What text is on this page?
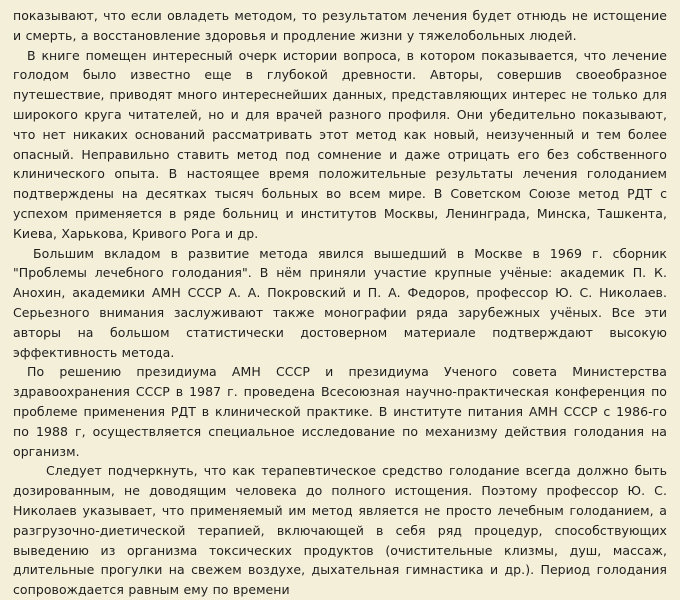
показывают, что если овладеть методом, то результатом лечения будет отнюдь не истощение и смерть, а восстановление здоровья и продление жизни у тяжелобольных людей.

В книге помещен интересный очерк истории вопроса, в котором показывается, что лечение голодом было известно еще в глубокой древности. Авторы, совершив своеобразное путешествие, приводят много интереснейших данных, представляющих интерес не только для широкого круга читателей, но и для врачей разного профиля. Они убедительно показывают, что нет никаких оснований рассматривать этот метод как новый, неизученный и тем более опасный. Неправильно ставить метод под сомнение и даже отрицать его без собственного клинического опыта. В настоящее время положительные результаты лечения голоданием подтверждены на десятках тысяч больных во всем мире. В Советском Союзе метод РДТ с успехом применяется в ряде больниц и институтов Москвы, Ленинграда, Минска, Ташкента, Киева, Харькова, Кривого Рога и др.

Большим вкладом в развитие метода явился вышедший в Москве в 1969 г. сборник "Проблемы лечебного голодания". В нём приняли участие крупные учёные: академик П. К. Анохин, академики АМН СССР А. А. Покровский и П. А. Федоров, профессор Ю. С. Николаев. Серьезного внимания заслуживают также монографии ряда зарубежных учёных. Все эти авторы на большом статистически достоверном материале подтверждают высокую эффективность метода.

По решению президиума АМН СССР и президиума Ученого совета Министерства здравоохранения СССР в 1987 г. проведена Всесоюзная научно-практическая конференция по проблеме применения РДТ в клинической практике. В институте питания АМН СССР с 1986-го по 1988 г, осуществляется специальное исследование по механизму действия голодания на организм.

Следует подчеркнуть, что как терапевтическое средство голодание всегда должно быть дозированным, не доводящим человека до полного истощения. Поэтому профессор Ю. С. Николаев указывает, что применяемый им метод является не просто лечебным голоданием, а разгрузочно-диетической терапией, включающей в себя ряд процедур, способствующих выведению из организма токсических продуктов (очистительные клизмы, душ, массаж, длительные прогулки на свежем воздухе, дыхательная гимнастика и др.). Период голодания сопровождается равным ему по времени
